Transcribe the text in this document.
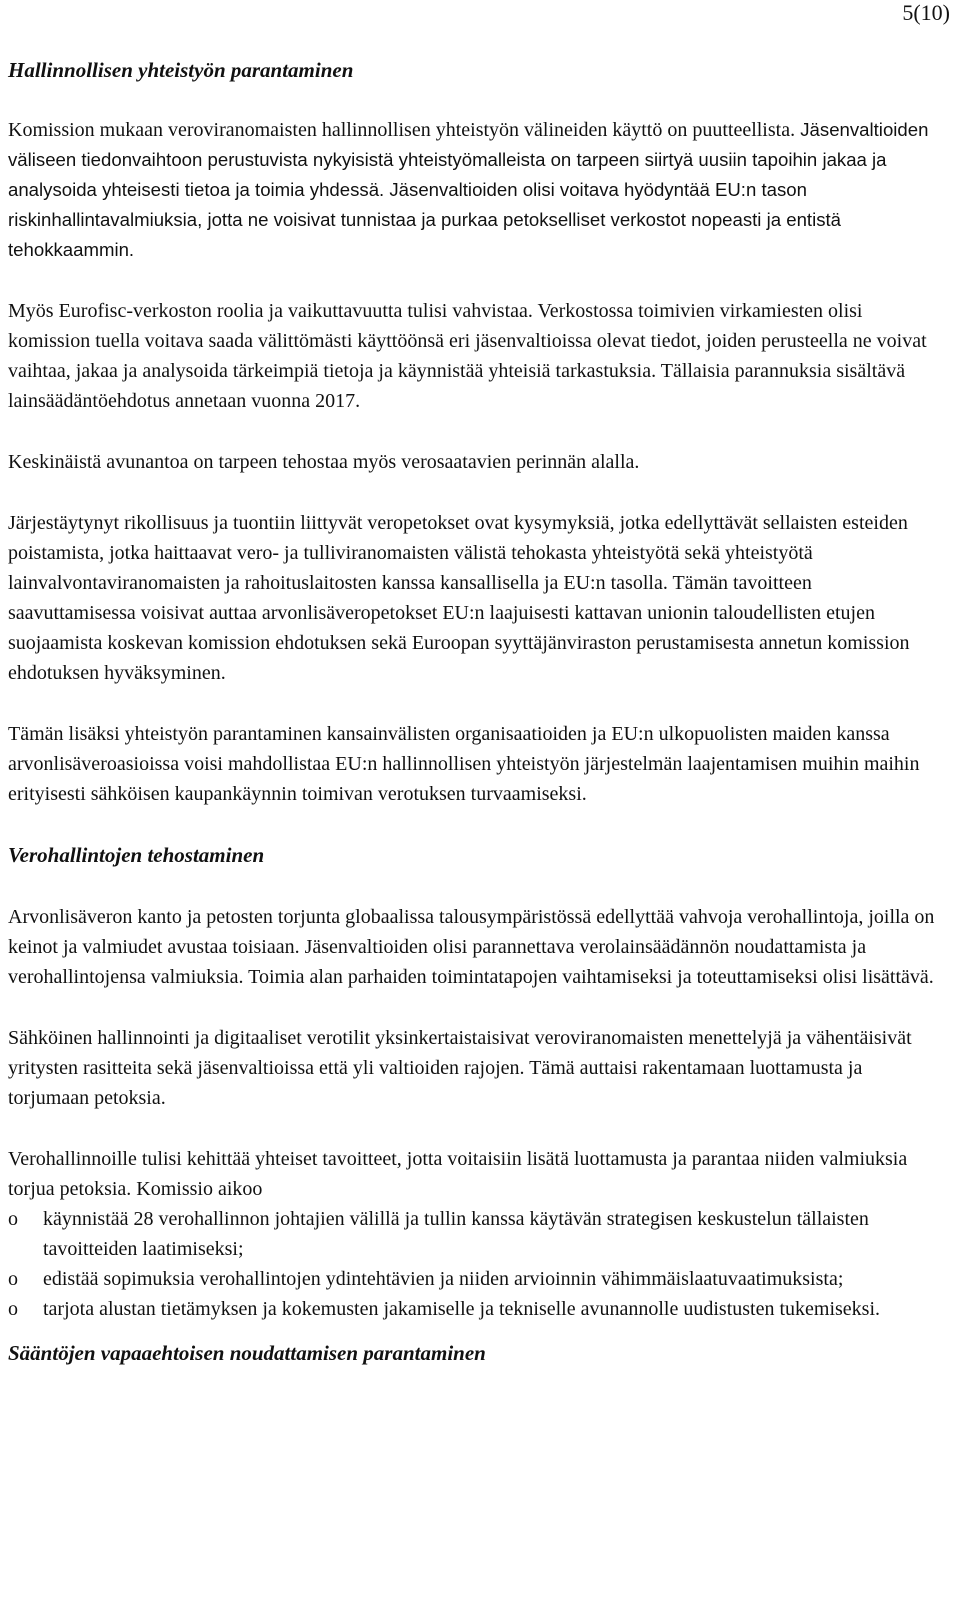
5(10)
Hallinnollisen yhteistyön parantaminen

Komission mukaan veroviranomaisten hallinnollisen yhteistyön välineiden käyttö on puutteellista. Jäsenvaltioiden väliseen tiedonvaihtoon perustuvista nykyisistä yhteistyömalleista on tarpeen siirtyä uusiin tapoihin jakaa ja analysoida yhteisesti tietoa ja toimia yhdessä. Jäsenvaltioiden olisi voitava hyödyntää EU:n tason riskinhallintavalmiuksia, jotta ne voisivat tunnistaa ja purkaa petokselliset verkostot nopeasti ja entistä tehokkaammin.

Myös Eurofisc-verkoston roolia ja vaikuttavuutta tulisi vahvistaa. Verkostossa toimivien virkamiesten olisi komission tuella voitava saada välittömästi käyttöönsä eri jäsenvaltioissa olevat tiedot, joiden perusteella ne voivat vaihtaa, jakaa ja analysoida tärkeimpiä tietoja ja käynnistää yhteisiä tarkastuksia. Tällaisia parannuksia sisältävä lainsäädäntöehdotus annetaan vuonna 2017.

Keskinäistä avunantoa on tarpeen tehostaa myös verosaatavien perinnän alalla.

Järjestäytynyt rikollisuus ja tuontiin liittyvät veropetokset ovat kysymyksiä, jotka edellyttävät sellaisten esteiden poistamista, jotka haittaavat vero- ja tulliviranomaisten välistä tehokasta yhteistyötä sekä yhteistyötä lainvalvontaviranomaisten ja rahoituslaitosten kanssa kansallisella ja EU:n tasolla. Tämän tavoitteen saavuttamisessa voisivat auttaa arvonlisäveropetokset EU:n laajuisesti kattavan unionin taloudellisten etujen suojaamista koskevan komission ehdotuksen sekä Euroopan syyttäjänviraston perustamisesta annetun komission ehdotuksen hyväksyminen.

Tämän lisäksi yhteistyön parantaminen kansainvälisten organisaatioiden ja EU:n ulkopuolisten maiden kanssa arvonlisäveroasioissa voisi mahdollistaa EU:n hallinnollisen yhteistyön järjestelmän laajentamisen muihin maihin erityisesti sähköisen kaupankäynnin toimivan verotuksen turvaamiseksi.

Verohallintojen tehostaminen

Arvonlisäveron kanto ja petosten torjunta globaalissa talousympäristössä edellyttää vahvoja verohallintoja, joilla on keinot ja valmiudet avustaa toisiaan. Jäsenvaltioiden olisi parannettava verolainsäädännön noudattamista ja verohallintojensa valmiuksia. Toimia alan parhaiden toimintatapojen vaihtamiseksi ja toteuttamiseksi olisi lisättävä.

Sähköinen hallinnointi ja digitaaliset verotilit yksinkertaistaisivat veroviranomaisten menettelyjä ja vähentäisivät yritysten rasitteita sekä jäsenvaltioissa että yli valtioiden rajojen. Tämä auttaisi rakentamaan luottamusta ja torjumaan petoksia.

Verohallinnoille tulisi kehittää yhteiset tavoitteet, jotta voitaisiin lisätä luottamusta ja parantaa niiden valmiuksia torjua petoksia. Komissio aikoo

o käynnistää 28 verohallinnon johtajien välillä ja tullin kanssa käytävän strategisen keskustelun tällaisten tavoitteiden laatimiseksi;
o edistää sopimuksia verohallintojen ydintehtävien ja niiden arvioinnin vähimmäislaatuvaatimuksista;
o tarjota alustan tietämyksen ja kokemusten jakamiselle ja tekniselle avunannolle uudistusten tukemiseksi.
Sääntöjen vapaaehtoisen noudattamisen parantaminen
